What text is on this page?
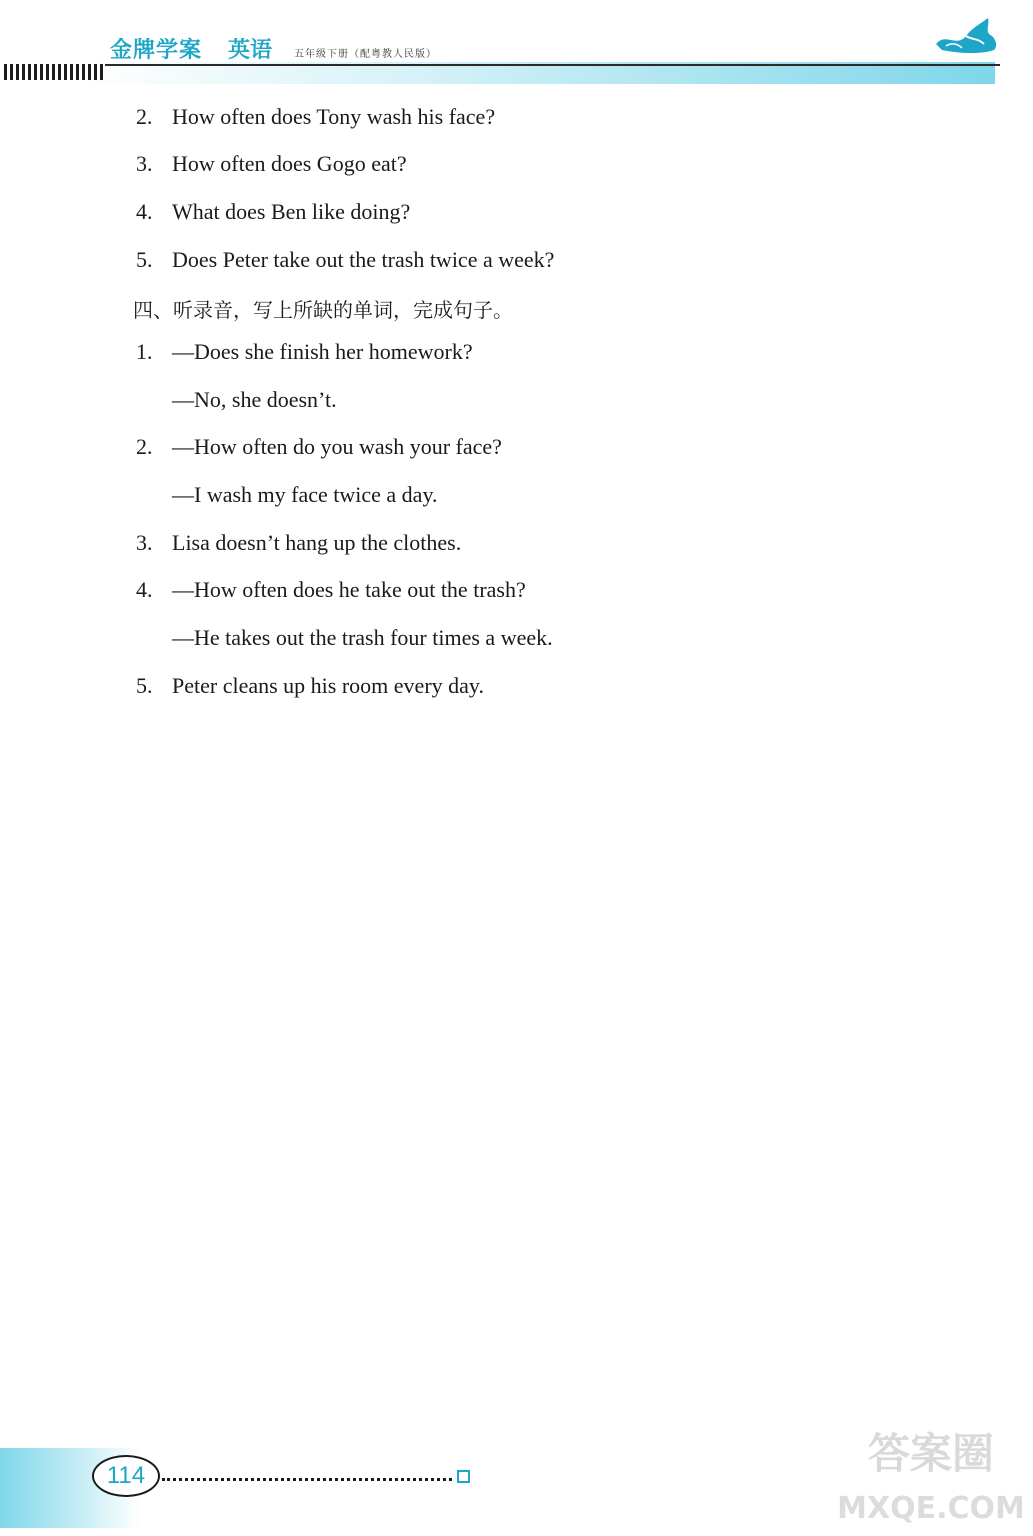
金牌学案 英语 五年级下册（配粤教人民版）
2. How often does Tony wash his face?
3. How often does Gogo eat?
4. What does Ben like doing?
5. Does Peter take out the trash twice a week?
四、听录音，写上所缺的单词，完成句子。
1. —Does she finish her homework?
—No, she doesn’t.
2. —How often do you wash your face?
—I wash my face twice a day.
3. Lisa doesn’t hang up the clothes.
4. —How often does he take out the trash?
—He takes out the trash four times a week.
5. Peter cleans up his room every day.
114	答案圈
MXQE.COM
